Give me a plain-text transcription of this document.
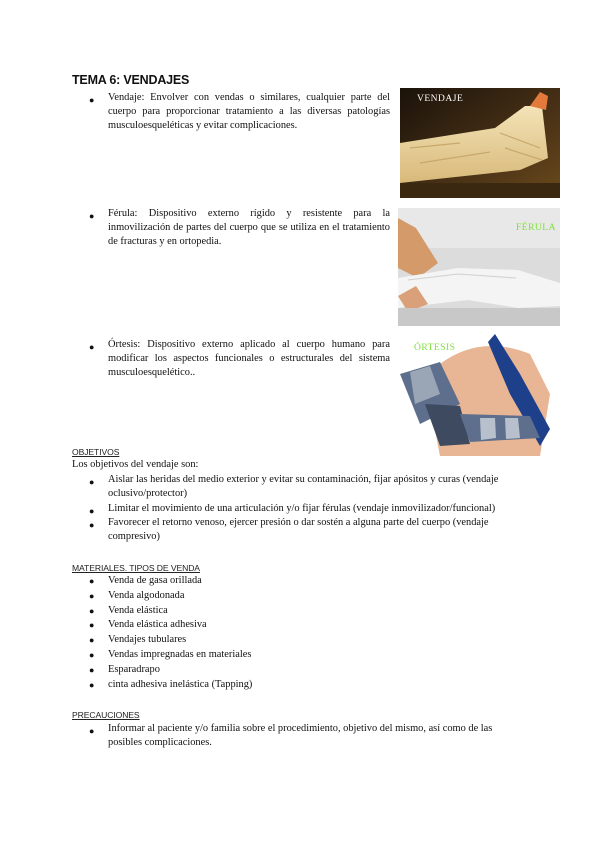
TEMA 6: VENDAJES
● Vendaje: Envolver con vendas o similares, cualquier parte del cuerpo para proporcionar tratamiento a las diversas patologías musculoesqueléticas y evitar complicaciones.
VENDAJE
● Férula: Dispositivo externo rígido y resistente para la inmovilización de partes del cuerpo que se utiliza en el tratamiento de fracturas y en ortopedia.
FÉRULA
● Órtesis: Dispositivo externo aplicado al cuerpo humano para modificar los aspectos funcionales o estructurales del sistema musculoesquelético..
ÓRTESIS
OBJETIVOS
Los objetivos del vendaje son:
● Aislar las heridas del medio exterior y evitar su contaminación, fijar apósitos y curas (vendaje oclusivo/protector)
● Limitar el movimiento de una articulación y/o fijar férulas (vendaje inmovilizador/funcional)
● Favorecer el retorno venoso, ejercer presión o dar sostén a alguna parte del cuerpo (vendaje compresivo)
MATERIALES. TIPOS DE VENDA
● Venda de gasa orillada
● Venda algodonada
● Venda elástica
● Venda elástica adhesiva
● Vendajes tubulares
● Vendas impregnadas en materiales
● Esparadrapo
● cinta adhesiva inelástica (Tapping)
PRECAUCIONES
● Informar al paciente y/o familia sobre el procedimiento, objetivo del mismo, así como de las posibles complicaciones.
